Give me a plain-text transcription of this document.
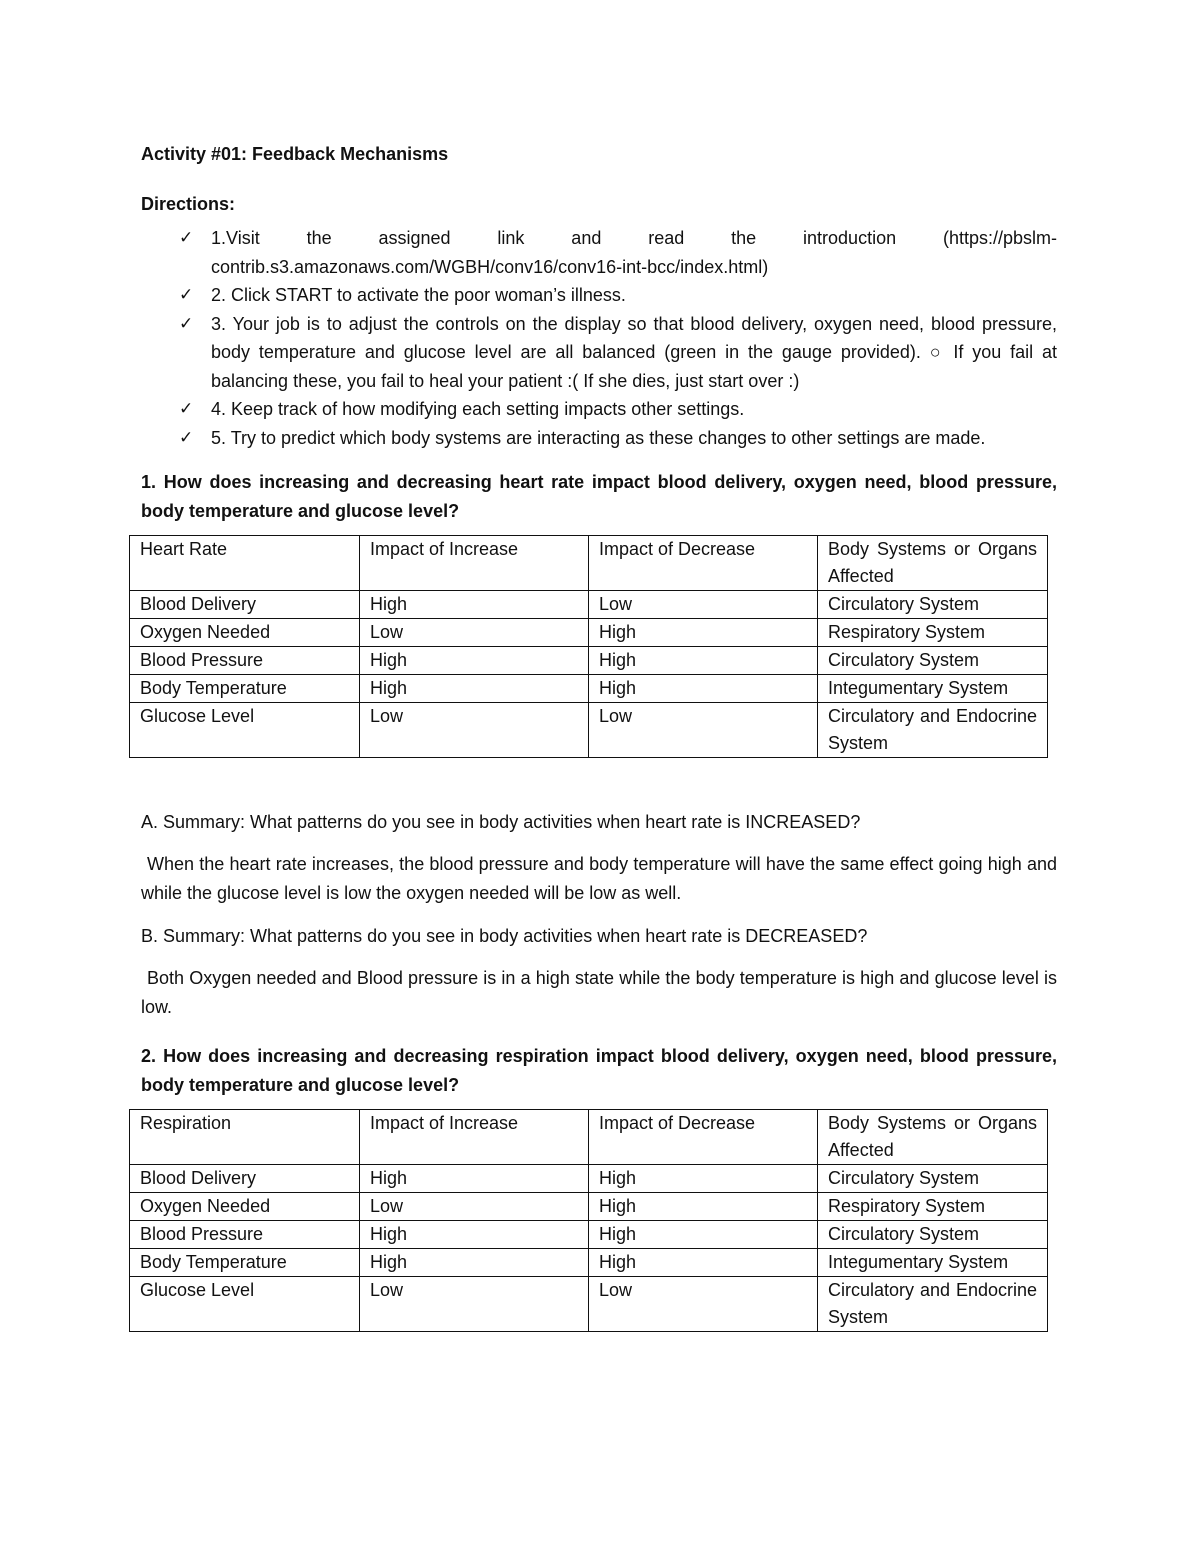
Activity #01: Feedback Mechanisms
Directions:
✓ 1.Visit the assigned link and read the introduction (https://pbslm-contrib.s3.amazonaws.com/WGBH/conv16/conv16-int-bcc/index.html)
✓ 2. Click START to activate the poor woman’s illness.
✓ 3. Your job is to adjust the controls on the display so that blood delivery, oxygen need, blood pressure, body temperature and glucose level are all balanced (green in the gauge provided). ○ If you fail at balancing these, you fail to heal your patient :( If she dies, just start over :)
✓ 4. Keep track of how modifying each setting impacts other settings.
✓ 5. Try to predict which body systems are interacting as these changes to other settings are made.
1. How does increasing and decreasing heart rate impact blood delivery, oxygen need, blood pressure, body temperature and glucose level?
Heart Rate	Impact of Increase	Impact of Decrease	Body Systems or Organs Affected
Blood Delivery	High	Low	Circulatory System
Oxygen Needed	Low	High	Respiratory System
Blood Pressure	High	High	Circulatory System
Body Temperature	High	High	Integumentary System
Glucose Level	Low	Low	Circulatory and Endocrine System
A. Summary: What patterns do you see in body activities when heart rate is INCREASED?
When the heart rate increases, the blood pressure and body temperature will have the same effect going high and while the glucose level is low the oxygen needed will be low as well.
B. Summary: What patterns do you see in body activities when heart rate is DECREASED?
Both Oxygen needed and Blood pressure is in a high state while the body temperature is high and glucose level is low.
2. How does increasing and decreasing respiration impact blood delivery, oxygen need, blood pressure, body temperature and glucose level?
Respiration	Impact of Increase	Impact of Decrease	Body Systems or Organs Affected
Blood Delivery	High	High	Circulatory System
Oxygen Needed	Low	High	Respiratory System
Blood Pressure	High	High	Circulatory System
Body Temperature	High	High	Integumentary System
Glucose Level	Low	Low	Circulatory and Endocrine System
